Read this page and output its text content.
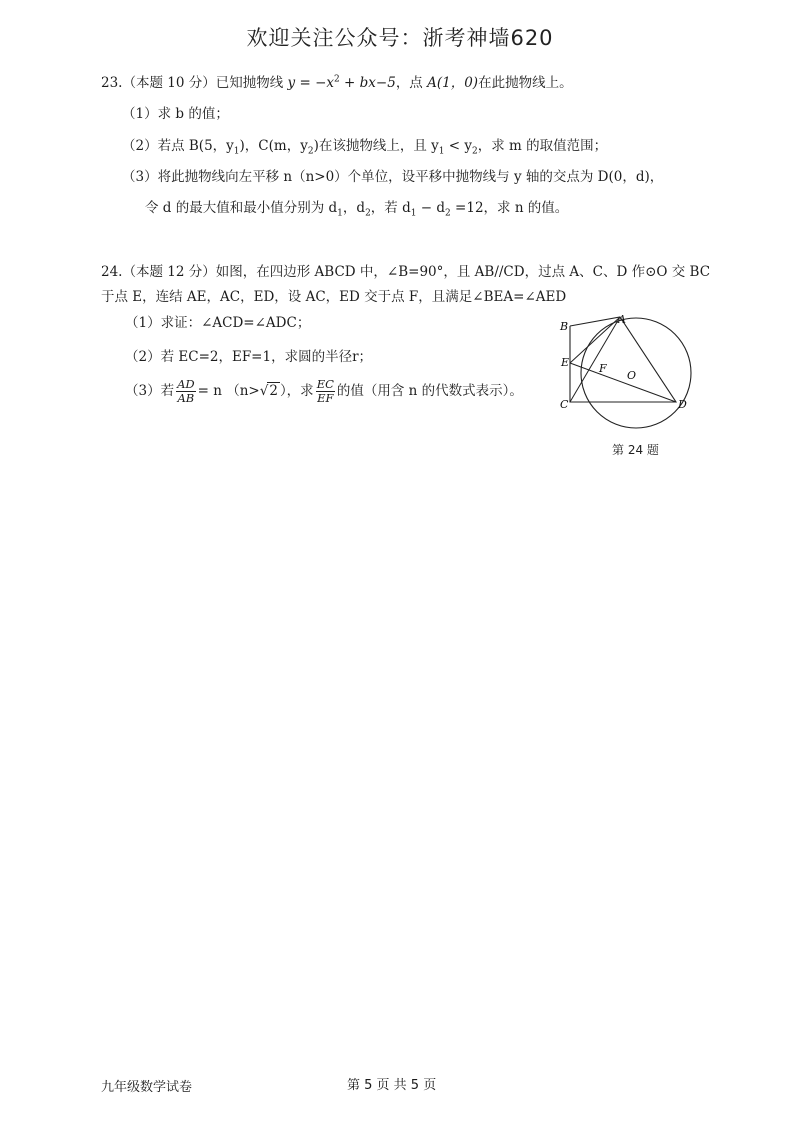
欢迎关注公众号：浙考神墙620
23.（本题 10 分）已知抛物线 $y = -x^2 + bx-5$，点 A(1，0)在此抛物线上。
（1）求 b 的值；
（2）若点 B(5，$y_1$)，C(m，$y_2$)在该抛物线上，且 $y_1 < y_2$，求 m 的取值范围；
（3）将此抛物线向左平移 n（n>0）个单位，设平移中抛物线与 y 轴的交点为 D(0，d)，
令 d 的最大值和最小值分别为 $d_1$，$d_2$，若 $d_1 - d_2 =12$，求 n 的值。
24.（本题 12 分）如图，在四边形 ABCD 中，∠B=90°，且 AB//CD，过点 A、C、D 作⊙O 交 BC
于点 E，连结 AE，AC，ED，设 AC，ED 交于点 F，且满足∠BEA=∠AED
（1）求证：∠ACD=∠ADC；
（2）若 EC=2，EF=1，求圆的半径r；
（3）若 $\frac{AD}{AB} = n$ （n>√2 ），求 $\frac{EC}{EF}$ 的值（用含 n 的代数式表示）。
B
A
E	F
O
C	D
第 24 题
九年级数学试卷	第 5 页 共 5 页
